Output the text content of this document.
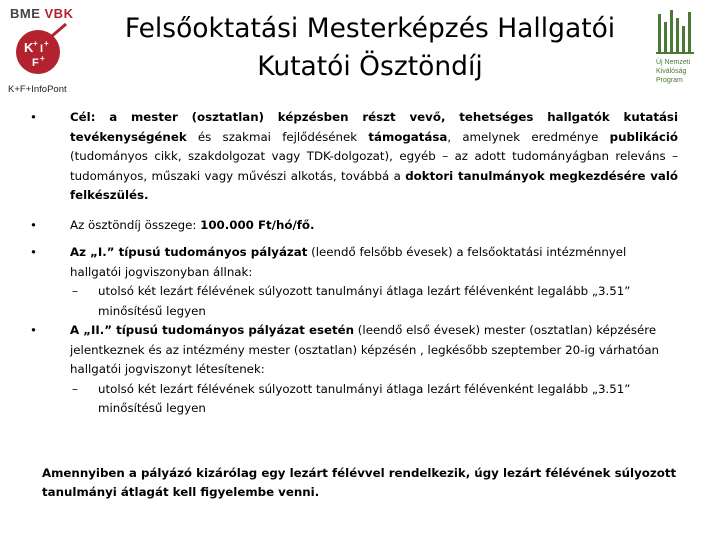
BME VBK
K + I +
F +
K+F+InfoPont
Felsőoktatási Mesterképzés Hallgatói
Kutatói Ösztöndíj	Új Nemzeti Kiválóság Program
•	Cél: a mester (osztatlan) képzésben részt vevő, tehetséges hallgatók kutatási tevékenységének és szakmai fejlődésének támogatása, amelynek eredménye publikáció (tudományos cikk, szakdolgozat vagy TDK-dolgozat), egyéb – az adott tudományágban releváns – tudományos, műszaki vagy művészi alkotás, továbbá a doktori tanulmányok megkezdésére való felkészülés.
•	Az ösztöndíj összege: 100.000 Ft/hó/fő.
•	Az „I.” típusú tudományos pályázat (leendő felsőbb évesek) a felsőoktatási intézménnyel hallgatói jogviszonyban állnak:
– utolsó két lezárt félévének súlyozott tanulmányi átlaga lezárt félévenként legalább „3.51” minősítésű legyen
•	A „II.” típusú tudományos pályázat esetén (leendő első évesek) mester (osztatlan) képzésére jelentkeznek és az intézmény mester (osztatlan) képzésén , legkésőbb szeptember 20-ig várhatóan hallgatói jogviszonyt létesítenek:
– utolsó két lezárt félévének súlyozott tanulmányi átlaga lezárt félévenként legalább „3.51” minősítésű legyen
Amennyiben a pályázó kizárólag egy lezárt félévvel rendelkezik, úgy lezárt félévének súlyozott tanulmányi átlagát kell figyelembe venni.
